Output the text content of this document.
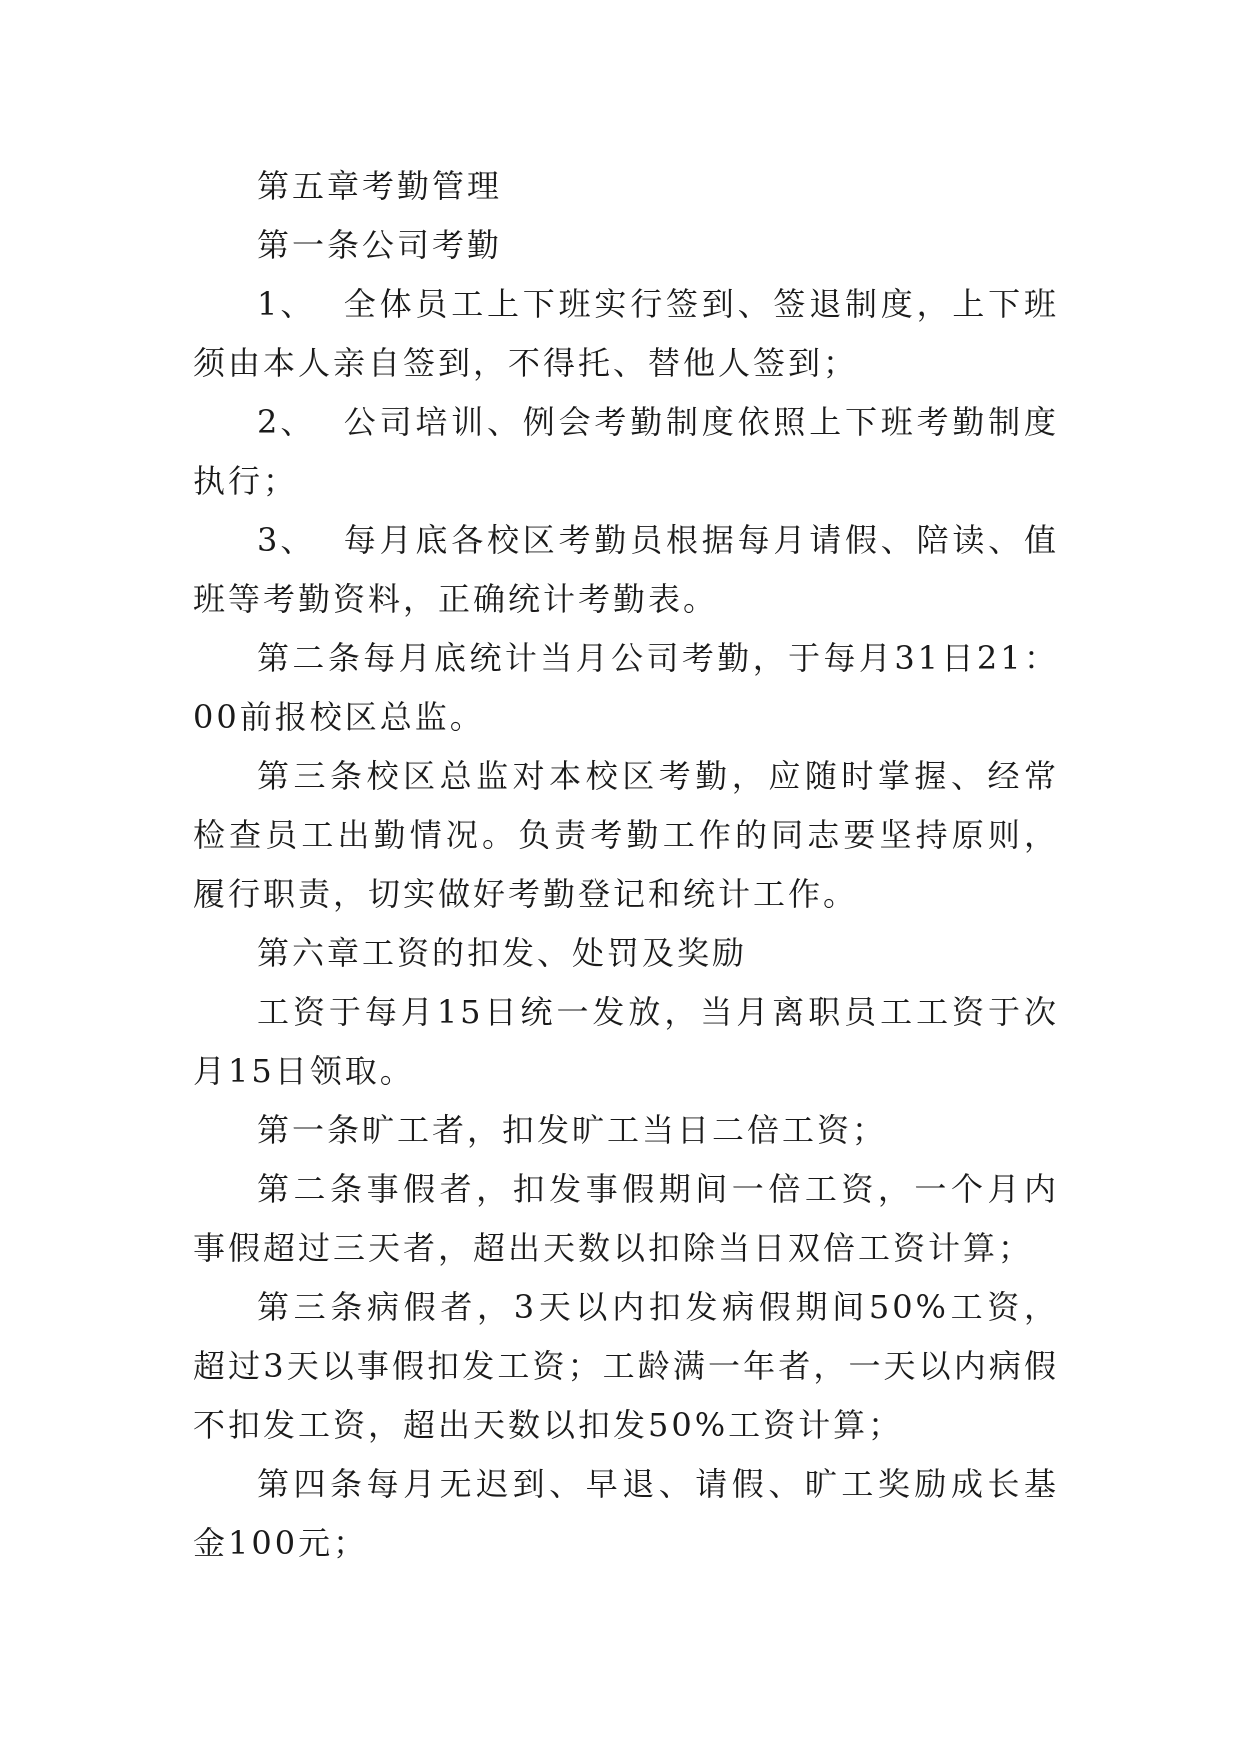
第五章考勤管理

第一条公司考勤

1、 全体员工上下班实行签到、签退制度，上下班须由本人亲自签到，不得托、替他人签到；

2、 公司培训、例会考勤制度依照上下班考勤制度执行；

3、 每月底各校区考勤员根据每月请假、陪读、值班等考勤资料，正确统计考勤表。

第二条每月底统计当月公司考勤，于每月31日21：00前报校区总监。

第三条校区总监对本校区考勤，应随时掌握、经常检查员工出勤情况。负责考勤工作的同志要坚持原则，履行职责，切实做好考勤登记和统计工作。

第六章工资的扣发、处罚及奖励

工资于每月15日统一发放，当月离职员工工资于次月15日领取。

第一条旷工者，扣发旷工当日二倍工资；

第二条事假者，扣发事假期间一倍工资，一个月内事假超过三天者，超出天数以扣除当日双倍工资计算；

第三条病假者，3天以内扣发病假期间50%工资，超过3天以事假扣发工资；工龄满一年者，一天以内病假不扣发工资，超出天数以扣发50%工资计算；

第四条每月无迟到、早退、请假、旷工奖励成长基金100元；
